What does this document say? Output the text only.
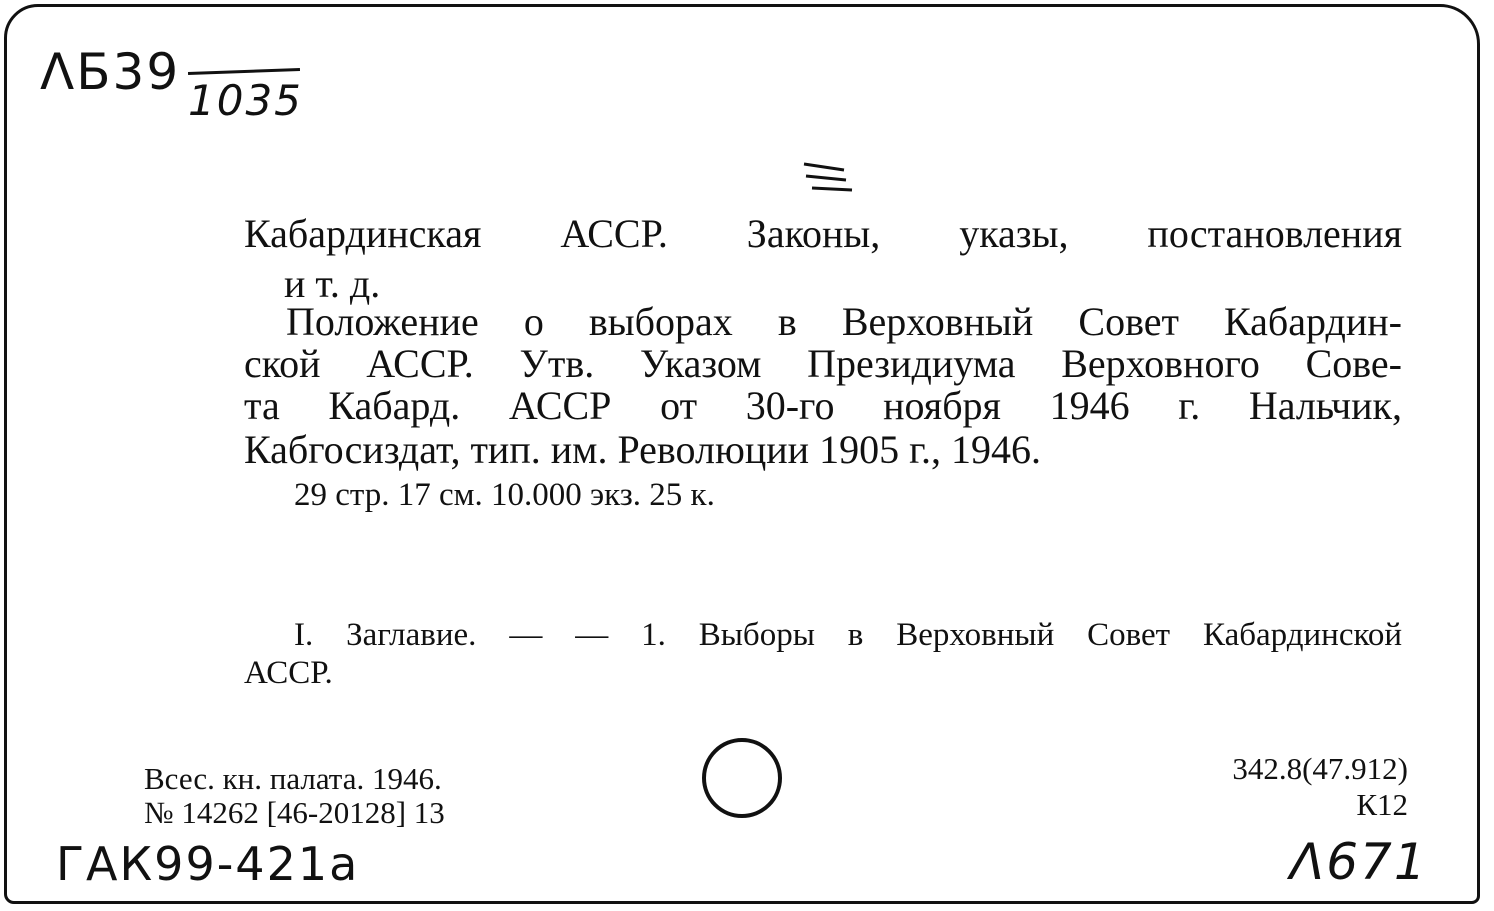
ΛБ39 1035
Кабардинская АССР. Законы, указы, постановления
и т. д.
Положение о выборах в Верховный Совет Кабардин-
ской АССР. Утв. Указом Президиума Верховного Сове-
та Кабард. АССР от 30-го ноября 1946 г. Нальчик,
Кабгосиздат, тип. им. Революции 1905 г., 1946.
29 стр. 17 см. 10.000 экз. 25 к.
I. Заглавие. — — 1. Выборы в Верховный Совет Кабардинской
АССР.
Всес. кн. палата. 1946.
№ 14262 [46-20128] 13
342.8(47.912)
К12
ГАК99-421а	Λ671
